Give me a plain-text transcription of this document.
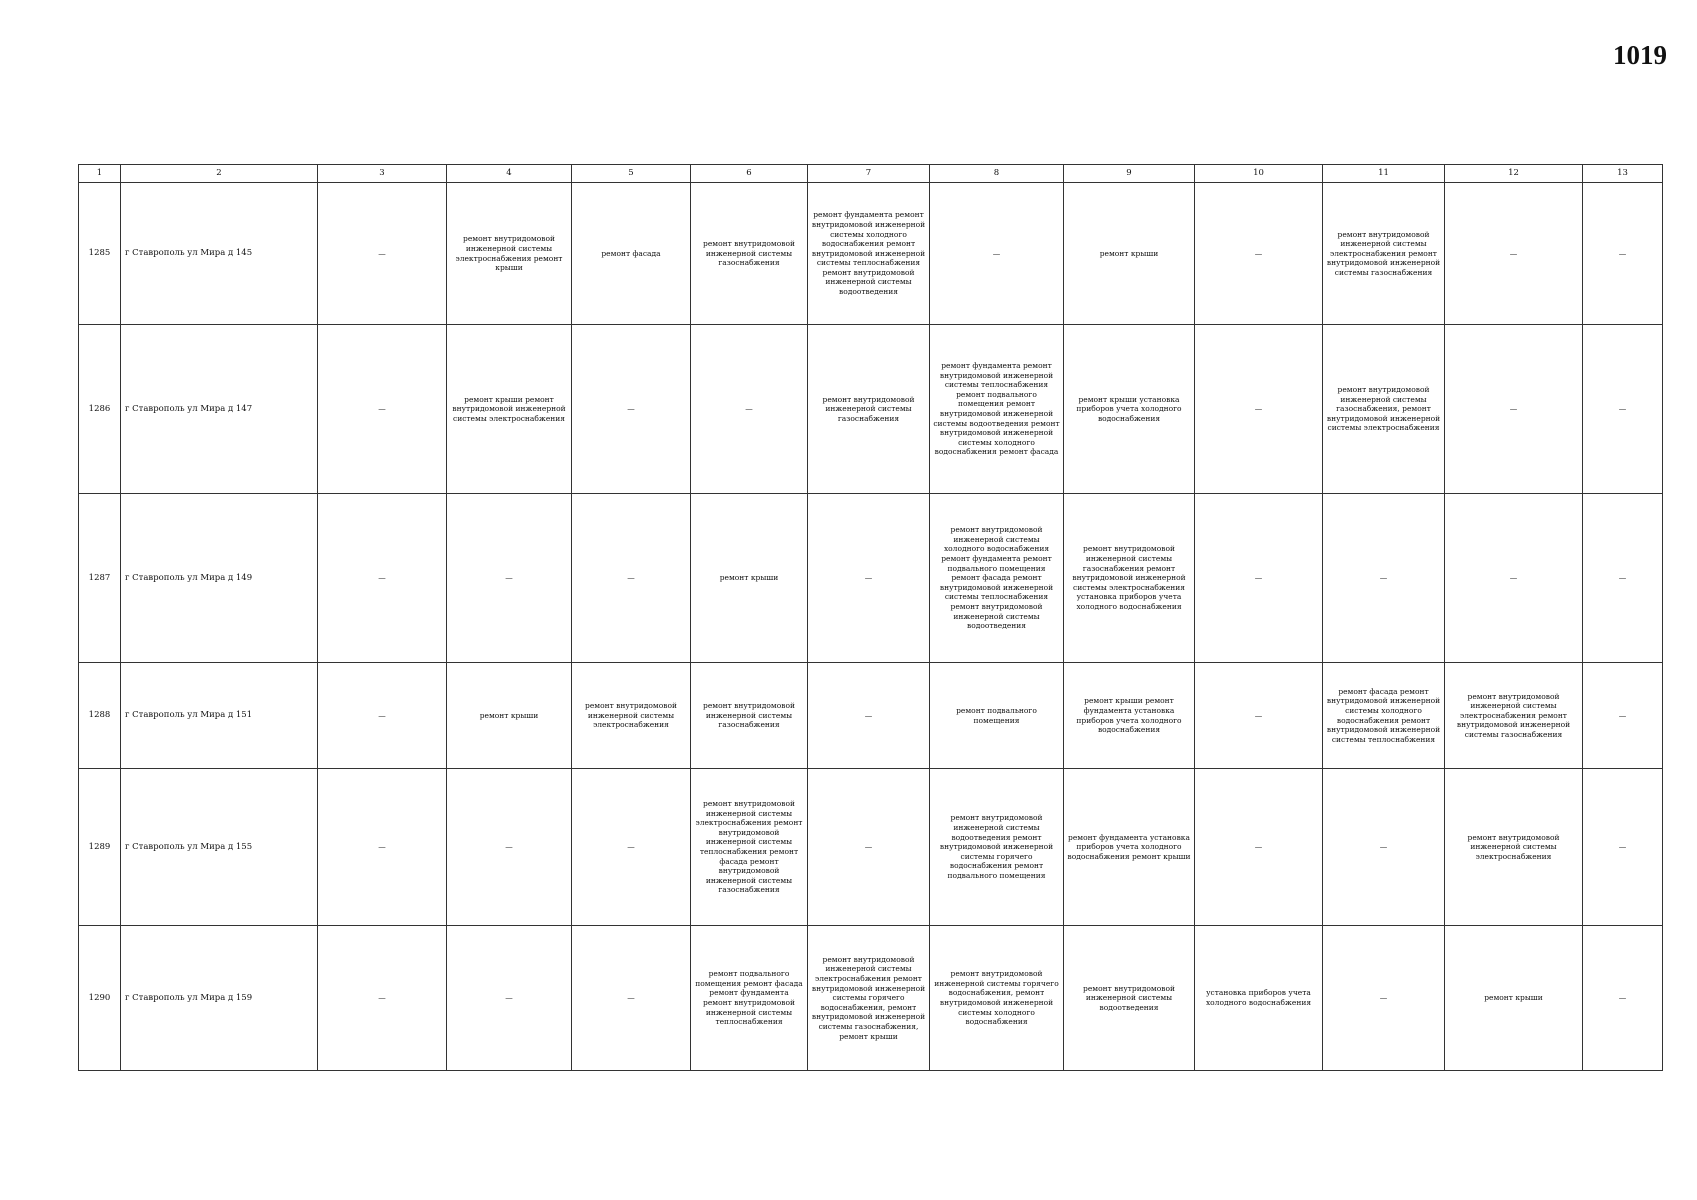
1019
1	2	3	4	5	6	7	8	9	10	11	12	13
1285	г Ставрополь ул Мира д 145	—	ремонт внутридомовой инженерной системы электроснабжения ремонт крыши	ремонт фасада	ремонт внутридомовой инженерной системы газоснабжения	ремонт фундамента ремонт внутридомовой инженерной системы холодного водоснабжения ремонт внутридомовой инженерной системы теплоснабжения ремонт внутридомовой инженерной системы водоотведения	—	ремонт крыши	—	ремонт внутридомовой инженерной системы электроснабжения ремонт внутридомовой инженерной системы газоснабжения	—	—
1286	г Ставрополь ул Мира д 147	—	ремонт крыши ремонт внутридомовой инженерной системы электроснабжения	—	—	ремонт внутридомовой инженерной системы газоснабжения	ремонт фундамента ремонт внутридомовой инженерной системы теплоснабжения ремонт подвального помещения ремонт внутридомовой инженерной системы водоотведения ремонт внутридомовой инженерной системы холодного водоснабжения ремонт фасада	ремонт крыши установка приборов учета холодного водоснабжения	—	ремонт внутридомовой инженерной системы газоснабжения, ремонт внутридомовой инженерной системы электроснабжения	—	—
1287	г Ставрополь ул Мира д 149	—	—	—	ремонт крыши	—	ремонт внутридомовой инженерной системы холодного водоснабжения ремонт фундамента ремонт подвального помещения ремонт фасада ремонт внутридомовой инженерной системы теплоснабжения ремонт внутридомовой инженерной системы водоотведения	ремонт внутридомовой инженерной системы газоснабжения ремонт внутридомовой инженерной системы электроснабжения установка приборов учета холодного водоснабжения	—	—	—	—
1288	г Ставрополь ул Мира д 151	—	ремонт крыши	ремонт внутридомовой инженерной системы электроснабжения	ремонт внутридомовой инженерной системы газоснабжения	—	ремонт подвального помещения	ремонт крыши ремонт фундамента установка приборов учета холодного водоснабжения	—	ремонт фасада ремонт внутридомовой инженерной системы холодного водоснабжения ремонт внутридомовой инженерной системы теплоснабжения	ремонт внутридомовой инженерной системы электроснабжения ремонт внутридомовой инженерной системы газоснабжения	—
1289	г Ставрополь ул Мира д 155	—	—	—	ремонт внутридомовой инженерной системы электроснабжения ремонт внутридомовой инженерной системы теплоснабжения ремонт фасада ремонт внутридомовой инженерной системы газоснабжения	—	ремонт внутридомовой инженерной системы водоотведения ремонт внутридомовой инженерной системы горячего водоснабжения ремонт подвального помещения	ремонт фундамента установка приборов учета холодного водоснабжения ремонт крыши	—	—	ремонт внутридомовой инженерной системы электроснабжения	—
1290	г Ставрополь ул Мира д 159	—	—	—	ремонт подвального помещения ремонт фасада ремонт фундамента ремонт внутридомовой инженерной системы теплоснабжения	ремонт внутридомовой инженерной системы электроснабжения ремонт внутридомовой инженерной системы горячего водоснабжения, ремонт внутридомовой инженерной системы газоснабжения, ремонт крыши	ремонт внутридомовой инженерной системы горячего водоснабжения, ремонт внутридомовой инженерной системы холодного водоснабжения	ремонт внутридомовой инженерной системы водоотведения	установка приборов учета холодного водоснабжения	—	ремонт крыши	—
